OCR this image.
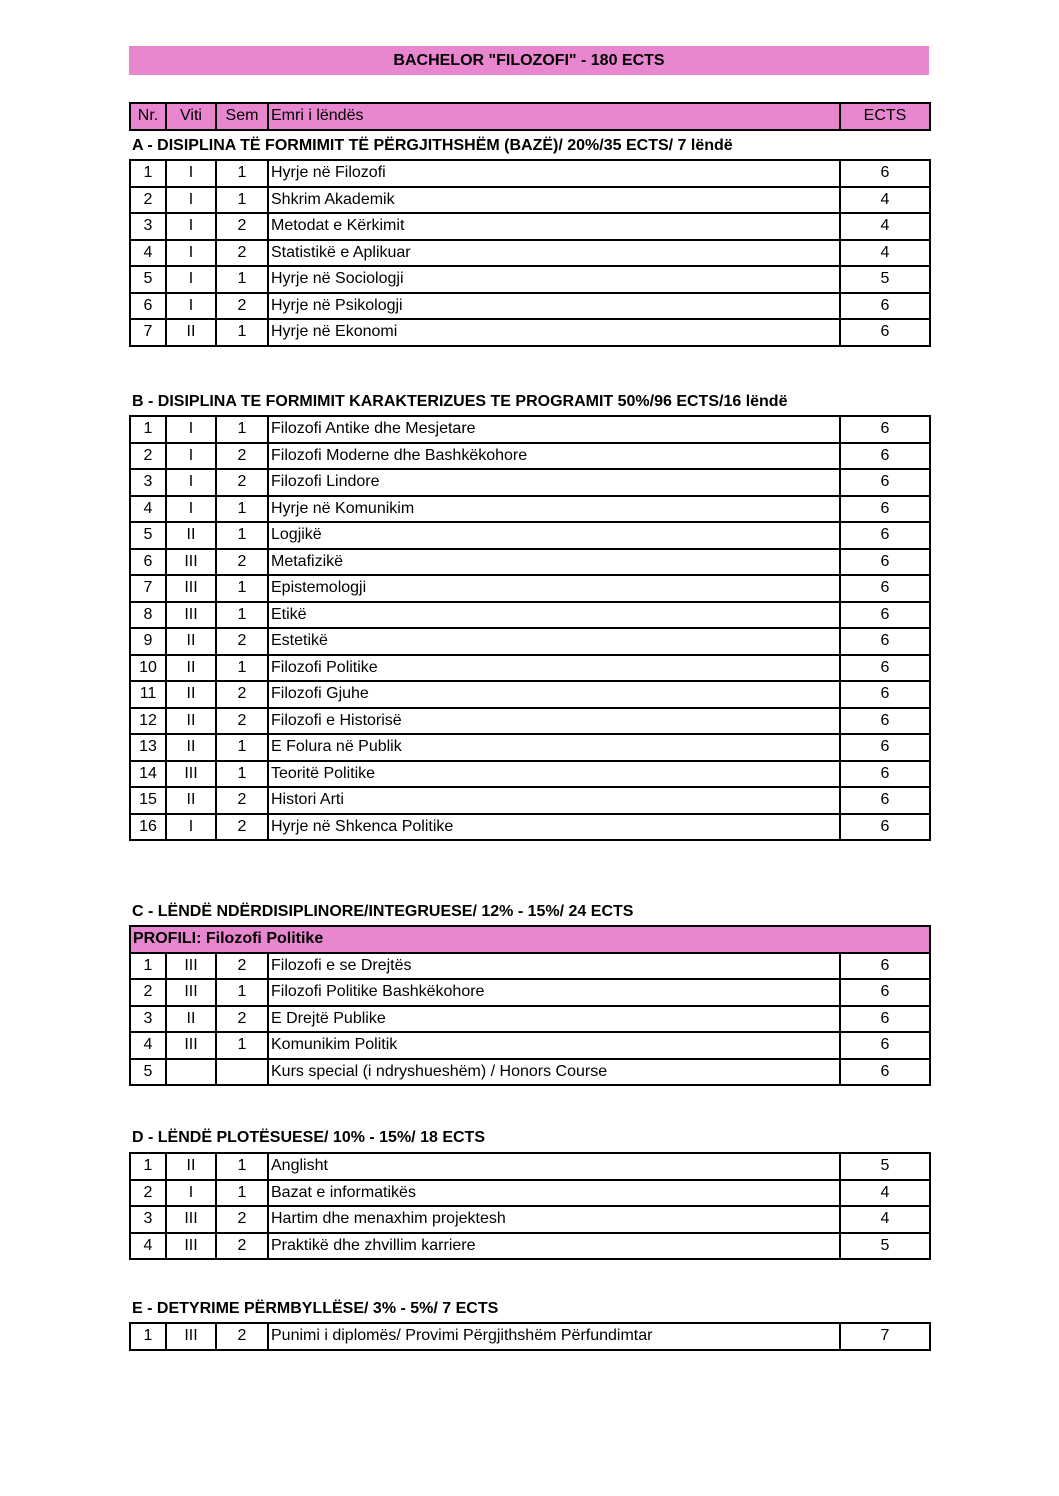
BACHELOR "FILOZOFI" - 180 ECTS
Nr.	Viti	Sem	Emri i lëndës	ECTS
A - DISIPLINA TË FORMIMIT TË PËRGJITHSHËM (BAZË)/ 20%/35 ECTS/ 7 lëndë
1	I	1	Hyrje në Filozofi	6
2	I	1	Shkrim Akademik	4
3	I	2	Metodat e Kërkimit	4
4	I	2	Statistikë e Aplikuar	4
5	I	1	Hyrje në Sociologji	5
6	I	2	Hyrje në Psikologji	6
7	II	1	Hyrje në Ekonomi	6
B - DISIPLINA TE FORMIMIT KARAKTERIZUES TE PROGRAMIT 50%/96 ECTS/16 lëndë
1	I	1	Filozofi Antike dhe Mesjetare	6
2	I	2	Filozofi Moderne dhe Bashkëkohore	6
3	I	2	Filozofi Lindore	6
4	I	1	Hyrje në Komunikim	6
5	II	1	Logjikë	6
6	III	2	Metafizikë	6
7	III	1	Epistemologji	6
8	III	1	Etikë	6
9	II	2	Estetikë	6
10	II	1	Filozofi Politike	6
11	II	2	Filozofi Gjuhe	6
12	II	2	Filozofi e Historisë	6
13	II	1	E Folura në Publik	6
14	III	1	Teoritë Politike	6
15	II	2	Histori Arti	6
16	I	2	Hyrje në Shkenca Politike	6
C - LËNDË NDËRDISIPLINORE/INTEGRUESE/ 12% - 15%/ 24 ECTS
PROFILI: Filozofi Politike				
1	III	2	Filozofi e se Drejtës	6
2	III	1	Filozofi Politike Bashkëkohore	6
3	II	2	E Drejtë Publike	6
4	III	1	Komunikim Politik	6
5			Kurs special (i ndryshueshëm) / Honors Course	6
D - LËNDË PLOTËSUESE/ 10% - 15%/ 18 ECTS
1	II	1	Anglisht	5
2	I	1	Bazat e informatikës	4
3	III	2	Hartim dhe menaxhim projektesh	4
4	III	2	Praktikë dhe zhvillim karriere	5
E - DETYRIME PËRMBYLLËSE/ 3% - 5%/ 7 ECTS
1	III	2	Punimi i diplomës/ Provimi Përgjithshëm Përfundimtar	7
